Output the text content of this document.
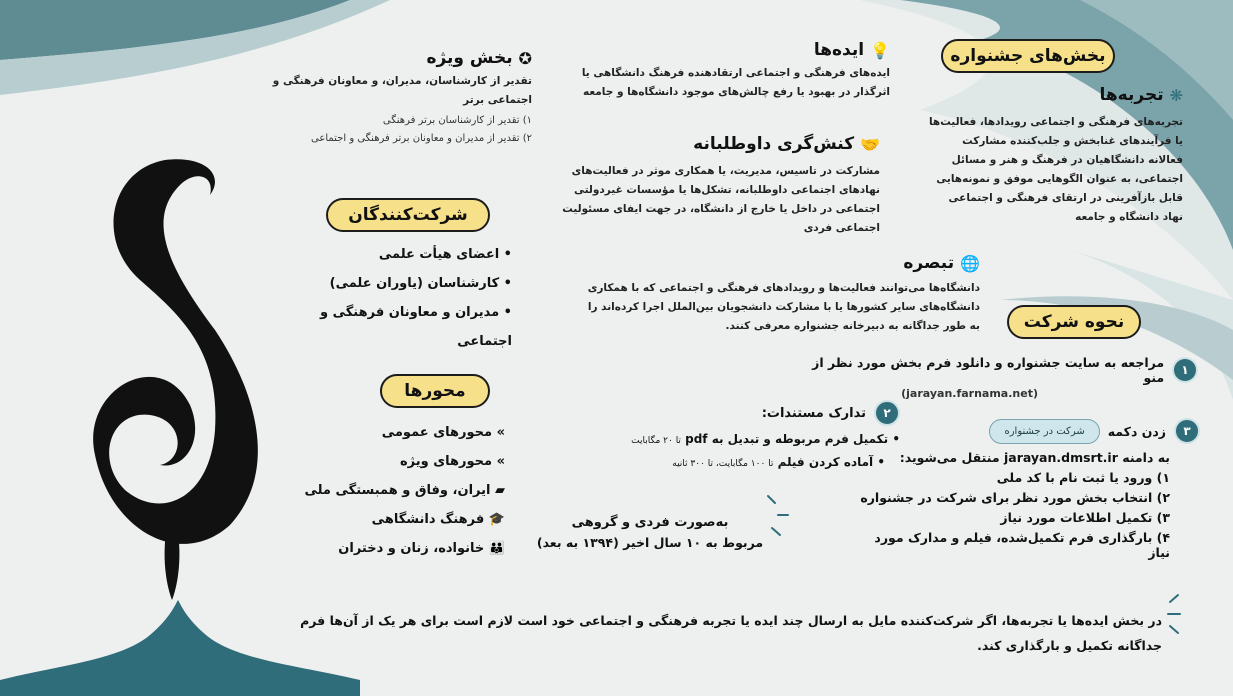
بخش‌های جشنواره
❋
تجربه‌ها
تجربه‌های فرهنگی و اجتماعی رویدادها، فعالیت‌ها یا فرآیندهای غنابخش و جلب‌کننده مشارکت فعالانه دانشگاهیان در فرهنگ و هنر و مسائل اجتماعی، به عنوان الگوهایی موفق و نمونه‌هایی قابل بازآفرینی در ارتقای فرهنگی و اجتماعی نهاد دانشگاه و جامعه
💡
ایده‌ها
ایده‌های فرهنگی و اجتماعی ارتقادهنده فرهنگ دانشگاهی یا اثرگذار در بهبود یا رفع چالش‌های موجود دانشگاه‌ها و جامعه
🤝
کنش‌گری داوطلبانه
مشارکت در تاسیس، مدیریت، یا همکاری موثر در فعالیت‌های نهادهای اجتماعی داوطلبانه، تشکل‌ها یا مؤسسات غیردولتی اجتماعی در داخل یا خارج از دانشگاه، در جهت ایفای مسئولیت اجتماعی فردی
✪
بخش ویژه
تقدیر از کارشناسان، مدیران، و معاونان فرهنگی و اجتماعی برتر
۱) تقدیر از کارشناسان برتر فرهنگی
۲) تقدیر از مدیران و معاونان برتر فرهنگی و اجتماعی
🌐
تبصره
دانشگاه‌ها می‌توانند فعالیت‌ها و رویدادهای فرهنگی و اجتماعی که با همکاری دانشگاه‌های سایر کشورها یا با مشارکت دانشجویان بین‌الملل اجرا کرده‌اند را به طور جداگانه به دبیرخانه جشنواره معرفی کنند.
شرکت‌کنندگان
• اعضای هیأت علمی
• کارشناسان (یاوران علمی)
• مدیران و معاونان فرهنگی و اجتماعی
محورها
» محورهای عمومی
» محورهای ویژه
▰ ایران، وفاق و همبستگی ملی
🎓 فرهنگ دانشگاهی
👪 خانواده، زنان و دختران
نحوه شرکت
۱
مراجعه به سایت جشنواره و دانلود فرم بخش مورد نظر از منو
(jarayan.farnama.net)
۲
تدارک مستندات:
• تکمیل فرم مربوطه و تبدیل به pdf تا ۲۰ مگابایت
• آماده کردن فیلم تا ۱۰۰ مگابایت، تا ۳۰۰ ثانیه
۳
زدن دکمه
شرکت در جشنواره
به دامنه jarayan.dmsrt.ir منتقل می‌شوید:
۱) ورود یا ثبت نام با کد ملی
۲) انتخاب بخش مورد نظر برای شرکت در جشنواره
۳) تکمیل اطلاعات مورد نیاز
۴) بارگذاری فرم تکمیل‌شده، فیلم و مدارک مورد نیاز
به‌صورت فردی و گروهی
مربوط به ۱۰ سال اخیر (۱۳۹۴ به بعد)
در بخش ایده‌ها یا تجربه‌ها، اگر شرکت‌کننده مایل به ارسال چند ایده یا تجربه فرهنگی و اجتماعی خود است لازم است برای هر یک از آن‌ها فرم جداگانه تکمیل و بارگذاری کند.
